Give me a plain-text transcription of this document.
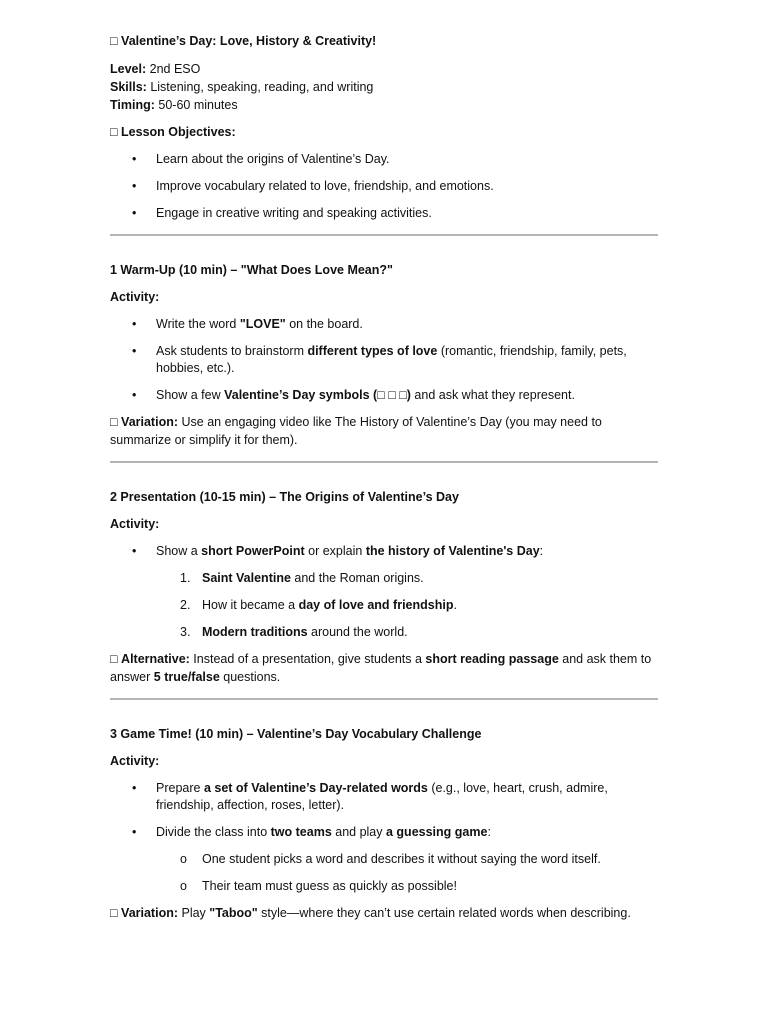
□ Valentine’s Day: Love, History & Creativity!

Level: 2nd ESO

Skills: Listening, speaking, reading, and writing

Timing: 50-60 minutes

□ Lesson Objectives:

• Learn about the origins of Valentine’s Day.
• Improve vocabulary related to love, friendship, and emotions.
• Engage in creative writing and speaking activities.

1 Warm-Up (10 min) – "What Does Love Mean?"

Activity:

• Write the word "LOVE" on the board.
• Ask students to brainstorm different types of love (romantic, friendship, family, pets, hobbies, etc.).
• Show a few Valentine’s Day symbols (□ □ □) and ask what they represent.

□ Variation: Use an engaging video like The History of Valentine’s Day (you may need to summarize or simplify it for them).

2 Presentation (10-15 min) – The Origins of Valentine’s Day

Activity:

• Show a short PowerPoint or explain the history of Valentine's Day:
1. Saint Valentine and the Roman origins.
2. How it became a day of love and friendship.
3. Modern traditions around the world.

□ Alternative: Instead of a presentation, give students a short reading passage and ask them to answer 5 true/false questions.

3 Game Time! (10 min) – Valentine’s Day Vocabulary Challenge

Activity:

• Prepare a set of Valentine’s Day-related words (e.g., love, heart, crush, admire, friendship, affection, roses, letter).
• Divide the class into two teams and play a guessing game:
o One student picks a word and describes it without saying the word itself.
o Their team must guess as quickly as possible!

□ Variation: Play "Taboo" style—where they can’t use certain related words when describing.
